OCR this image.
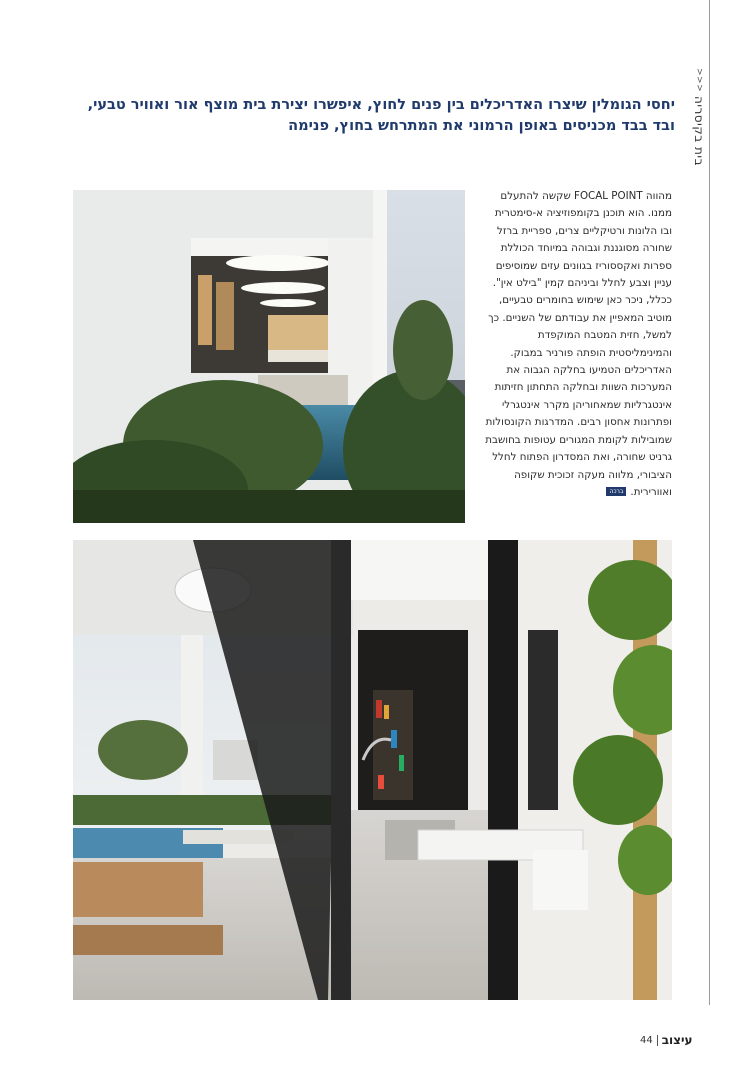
>>>
בית בקיסריה
יחסי הגומלין שיצרו האדריכלים בין פנים לחוץ, איפשרו יצירת בית מוצף אור ואוויר טבעי, ובד בבד מכניסים באופן הרמוני את המתרחש בחוץ, פנימה

מהווה FOCAL POINT שקשה להתעלם ממנו. הוא תוכנן בקומפוזיציה א-סימטרית ובו הלונות ורטיקליים צרים, ספריית ברזל שחורה מסוגננת וגבוהה במיוחד הכוללת ספרות ואקססוריז בגוונים עזים שמוסיפים עניין וצבע לחלל וביניהם קמין "בילט אין".

ככלל, ניכר כאן שימוש בחומרים טבעיים, מוטיב המאפיין את עבודתם של השניים. כך למשל, חזית המטבח המוקפדת והמינימליסטית הופתה פורניר במבוק. האדריכלים הטמיעו בחלקה הגבוה את המערכות השוות ובחלקה התחתון חזיתות אינטגרליות שמאחוריהן מקרר אינטגרלי ופתרונות אחסון רבים. המדרגות הקונסולות שמובילות לקומת המגורים עטופות בחושבת גרניט שחורה, ואת המסדרון הפתוח לחלל הציבורי, מלווה מעקה זכוכית שקופה ואוורירית.ברכה

44 עיצוב
